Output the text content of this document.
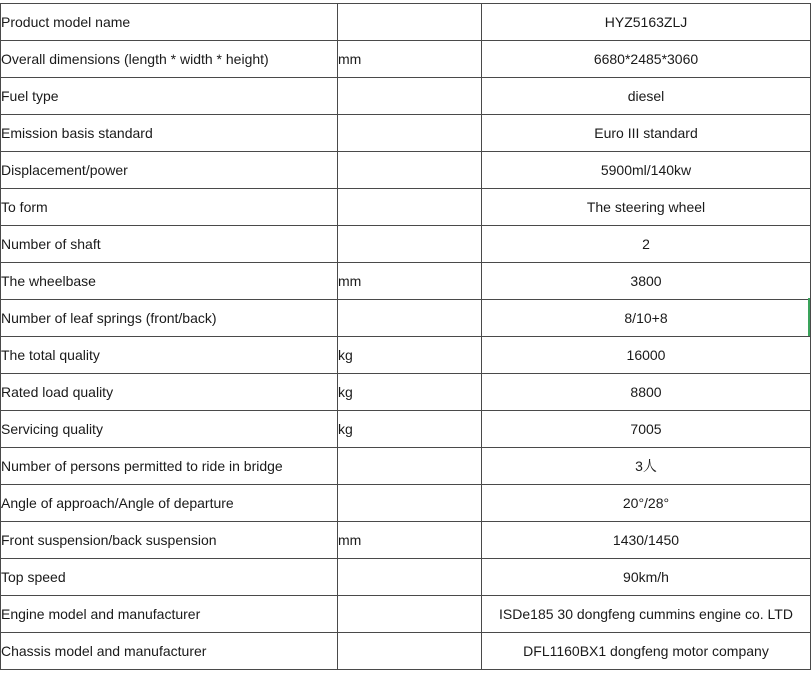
Product model name		HYZ5163ZLJ
Overall dimensions (length * width * height)	mm	6680*2485*3060
Fuel type		diesel
Emission basis standard		Euro III standard
Displacement/power		5900ml/140kw
To form		The steering wheel
Number of shaft		2
The wheelbase	mm	3800
Number of leaf springs (front/back)		8/10+8
The total quality	kg	16000
Rated load quality	kg	8800
Servicing quality	kg	7005
Number of persons permitted to ride in bridge		3人
Angle of approach/Angle of departure		20°/28°
Front suspension/back suspension	mm	1430/1450
Top speed		90km/h
Engine model and manufacturer		ISDe185 30 dongfeng cummins engine co. LTD
Chassis model and manufacturer		DFL1160BX1 dongfeng motor company
